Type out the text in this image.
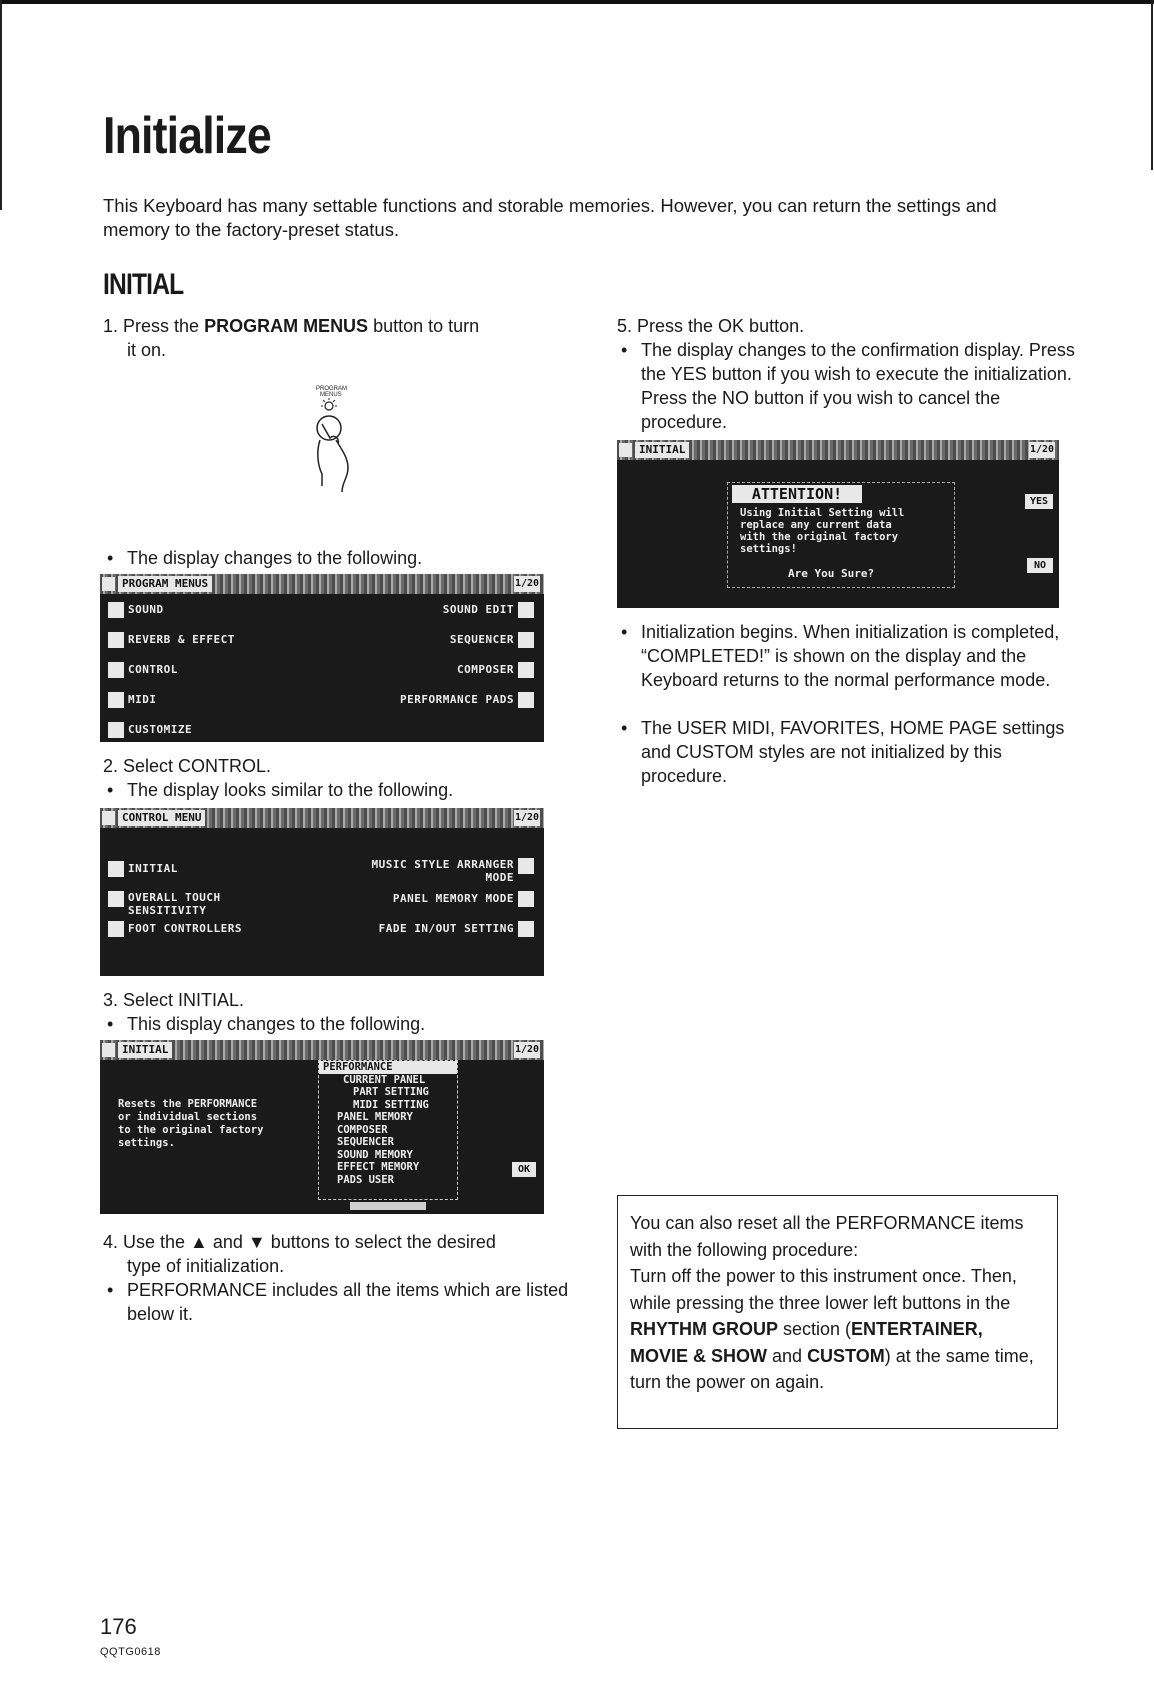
Initialize

This Keyboard has many settable functions and storable memories. However, you can return the settings and memory to the factory-preset status.

INITIAL

1. Press the PROGRAM MENUS button to turn
it on.

PROGRAM
MENUS

• The display changes to the following.

PROGRAM MENUS	1/20
SOUND
REVERB & EFFECT
CONTROL
MIDI
CUSTOMIZE
SOUND EDIT
SEQUENCER
COMPOSER
PERFORMANCE PADS

2. Select CONTROL.

• The display looks similar to the following.

CONTROL MENU	1/20
INITIAL
OVERALL TOUCH SENSITIVITY
FOOT CONTROLLERS
MUSIC STYLE ARRANGER MODE
PANEL MEMORY MODE
FADE IN/OUT SETTING

3. Select INITIAL.

• This display changes to the following.

INITIAL	1/20
Resets the PERFORMANCE
or individual sections
to the original factory
settings.
PERFORMANCE
CURRENT PANEL
PART SETTING
MIDI SETTING
PANEL MEMORY
COMPOSER
SEQUENCER
SOUND MEMORY
EFFECT MEMORY
PADS USER
OK

4. Use the ▲ and ▼ buttons to select the desired
type of initialization.

• PERFORMANCE includes all the items which are listed below it.

5. Press the OK button.

• The display changes to the confirmation display. Press the YES button if you wish to execute the initialization. Press the NO button if you wish to cancel the procedure.

INITIAL	1/20
ATTENTION!
Using Initial Setting will
replace any current data
with the original factory
settings!
Are You Sure?
YES
NO

• Initialization begins. When initialization is completed, “COMPLETED!” is shown on the display and the Keyboard returns to the normal performance mode.

• The USER MIDI, FAVORITES, HOME PAGE settings and CUSTOM styles are not initialized by this procedure.

You can also reset all the PERFORMANCE items with the following procedure:
Turn off the power to this instrument once. Then, while pressing the three lower left buttons in the RHYTHM GROUP section (ENTERTAINER, MOVIE & SHOW and CUSTOM) at the same time, turn the power on again.
176
QQTG0618
